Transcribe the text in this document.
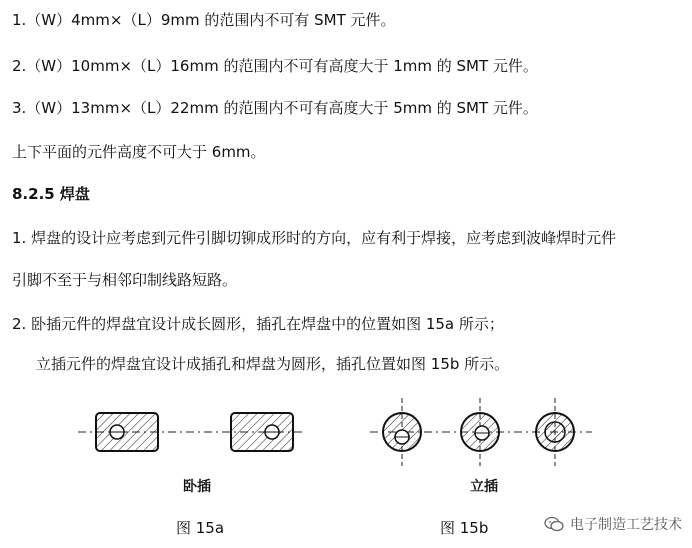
1.（W）4mm×（L）9mm 的范围内不可有 SMT 元件。
2.（W）10mm×（L）16mm 的范围内不可有高度大于 1mm 的 SMT 元件。
3.（W）13mm×（L）22mm 的范围内不可有高度大于 5mm 的 SMT 元件。
上下平面的元件高度不可大于 6mm。
8.2.5 焊盘
1. 焊盘的设计应考虑到元件引脚切铆成形时的方向，应有利于焊接，应考虑到波峰焊时元件
引脚不至于与相邻印制线路短路。
2. 卧插元件的焊盘宜设计成长圆形，插孔在焊盘中的位置如图 15a 所示；
立插元件的焊盘宜设计成插孔和焊盘为圆形，插孔位置如图 15b 所示。
卧插	立插
图 15a	图 15b	电子制造工艺技术
